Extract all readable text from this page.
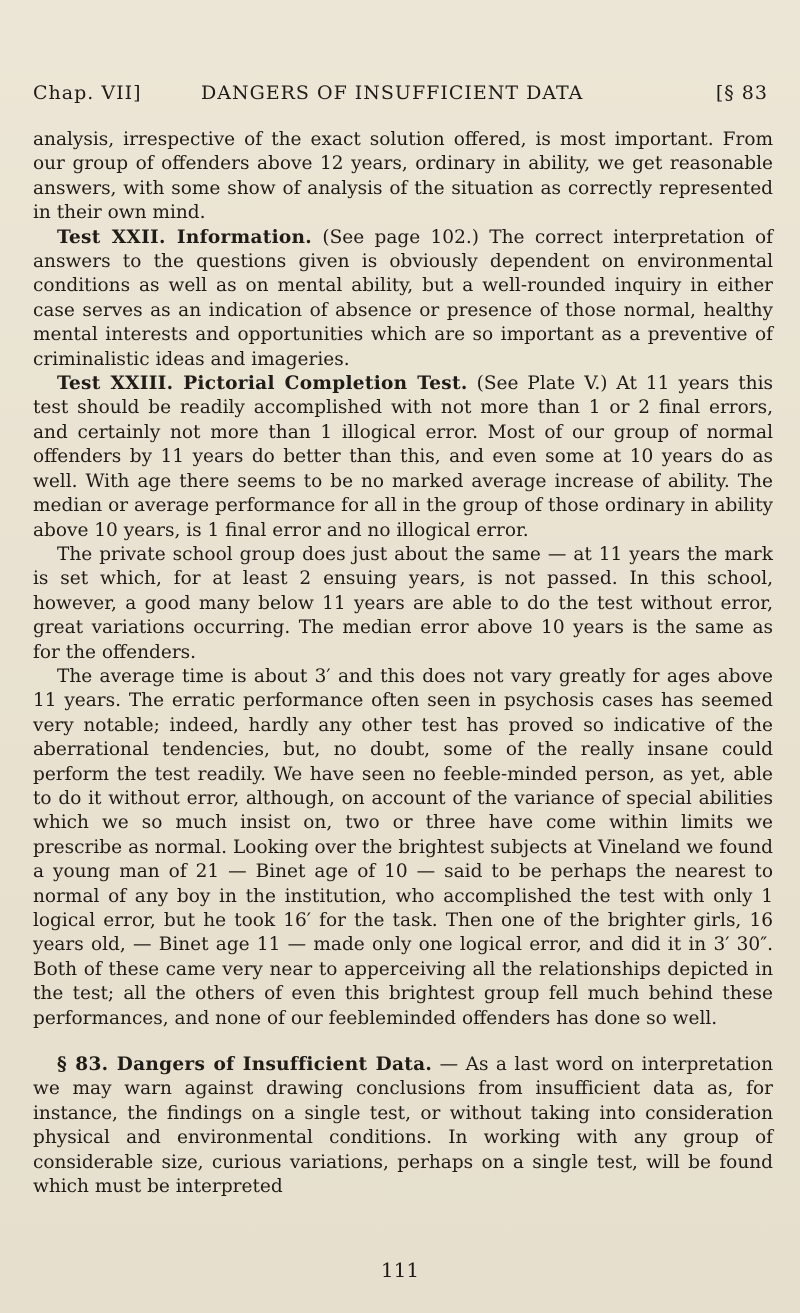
Chap. VII]	DANGERS OF INSUFFICIENT DATA	[§ 83

analysis, irrespective of the exact solution offered, is most important. From our group of offenders above 12 years, ordinary in ability, we get reasonable answers, with some show of analysis of the situation as correctly represented in their own mind.

Test XXII. Information. (See page 102.) The correct interpretation of answers to the questions given is obviously dependent on environmental conditions as well as on mental ability, but a well-rounded inquiry in either case serves as an indication of absence or presence of those normal, healthy mental interests and opportunities which are so important as a preventive of criminalistic ideas and imageries.

Test XXIII. Pictorial Completion Test. (See Plate V.) At 11 years this test should be readily accomplished with not more than 1 or 2 final errors, and certainly not more than 1 illogical error. Most of our group of normal offenders by 11 years do better than this, and even some at 10 years do as well. With age there seems to be no marked average increase of ability. The median or average performance for all in the group of those ordinary in ability above 10 years, is 1 final error and no illogical error.

The private school group does just about the same — at 11 years the mark is set which, for at least 2 ensuing years, is not passed. In this school, however, a good many below 11 years are able to do the test without error, great variations occurring. The median error above 10 years is the same as for the offenders.

The average time is about 3′ and this does not vary greatly for ages above 11 years. The erratic performance often seen in psychosis cases has seemed very notable; indeed, hardly any other test has proved so indicative of the aberrational tendencies, but, no doubt, some of the really insane could perform the test readily. We have seen no feeble-minded person, as yet, able to do it without error, although, on account of the variance of special abilities which we so much insist on, two or three have come within limits we prescribe as normal. Looking over the brightest subjects at Vineland we found a young man of 21 — Binet age of 10 — said to be perhaps the nearest to normal of any boy in the institution, who accomplished the test with only 1 logical error, but he took 16′ for the task. Then one of the brighter girls, 16 years old, — Binet age 11 — made only one logical error, and did it in 3′ 30″. Both of these came very near to apperceiving all the relationships depicted in the test; all the others of even this brightest group fell much behind these performances, and none of our feebleminded offenders has done so well.

§ 83. Dangers of Insufficient Data. — As a last word on interpretation we may warn against drawing conclusions from insufficient data as, for instance, the findings on a single test, or without taking into consideration physical and environmental conditions. In working with any group of considerable size, curious variations, perhaps on a single test, will be found which must be interpreted

111
